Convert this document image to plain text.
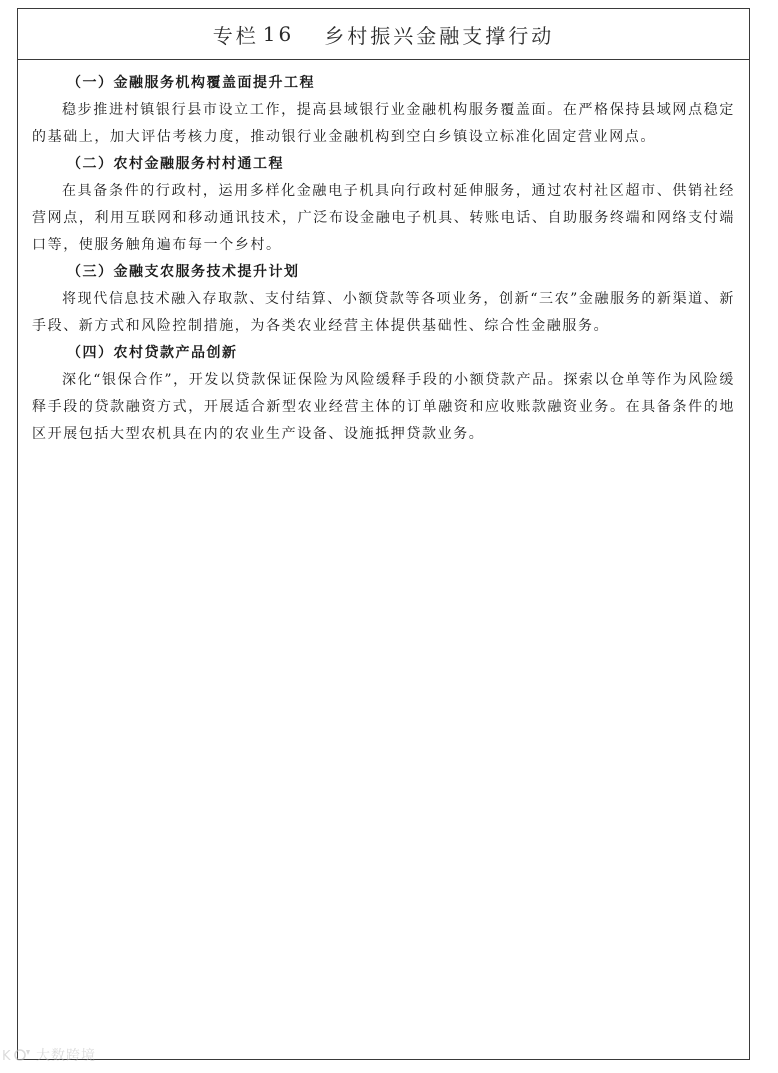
专栏 16 乡村振兴金融支撑行动

（一）金融服务机构覆盖面提升工程

稳步推进村镇银行县市设立工作，提高县域银行业金融机构服务覆盖面。在严格保持县域网点稳定的基础上，加大评估考核力度，推动银行业金融机构到空白乡镇设立标准化固定营业网点。

（二）农村金融服务村村通工程

在具备条件的行政村，运用多样化金融电子机具向行政村延伸服务，通过农村社区超市、供销社经营网点，利用互联网和移动通讯技术，广泛布设金融电子机具、转账电话、自助服务终端和网络支付端口等，使服务触角遍布每一个乡村。

（三）金融支农服务技术提升计划

将现代信息技术融入存取款、支付结算、小额贷款等各项业务，创新“三农”金融服务的新渠道、新手段、新方式和风险控制措施，为各类农业经营主体提供基础性、综合性金融服务。

（四）农村贷款产品创新

深化“银保合作”，开发以贷款保证保险为风险缓释手段的小额贷款产品。探索以仓单等作为风险缓释手段的贷款融资方式，开展适合新型农业经营主体的订单融资和应收账款融资业务。在具备条件的地区开展包括大型农机具在内的农业生产设备、设施抵押贷款业务。

K 大数跨境
